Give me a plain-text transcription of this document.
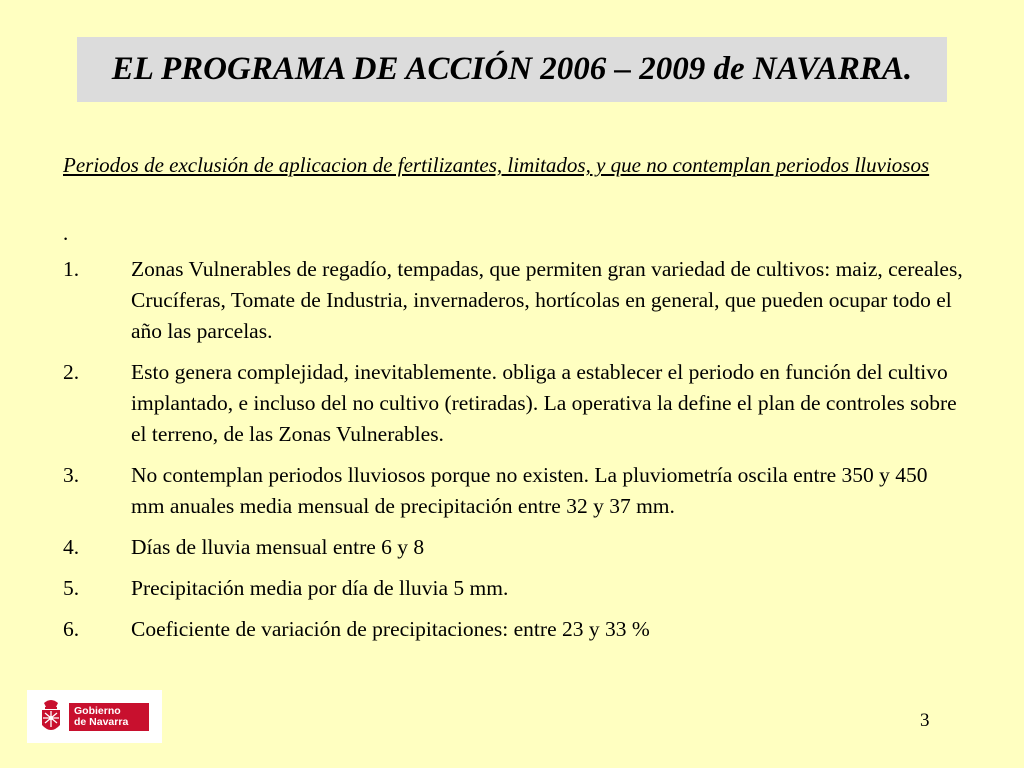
EL PROGRAMA DE ACCIÓN 2006 – 2009 de NAVARRA.
Periodos de exclusión de aplicacion de fertilizantes, limitados, y que no contemplan periodos lluviosos
.
1.	Zonas Vulnerables de regadío, tempadas, que permiten gran variedad de cultivos: maiz, cereales, Crucíferas, Tomate de Industria, invernaderos, hortícolas en general, que pueden ocupar todo el año las parcelas.
2.	Esto genera complejidad, inevitablemente. obliga a establecer el periodo en función del cultivo implantado, e incluso del no cultivo (retiradas). La operativa la define el plan de controles sobre el terreno, de las Zonas Vulnerables.
3.	No contemplan periodos lluviosos porque no existen. La pluviometría oscila entre 350 y 450 mm anuales media mensual de precipitación entre 32 y 37 mm.
4.	Días de lluvia mensual entre 6 y 8
5.	Precipitación media por día de lluvia 5 mm.
6.	Coeficiente de variación de precipitaciones: entre 23 y 33 %
Gobierno
de Navarra	3
